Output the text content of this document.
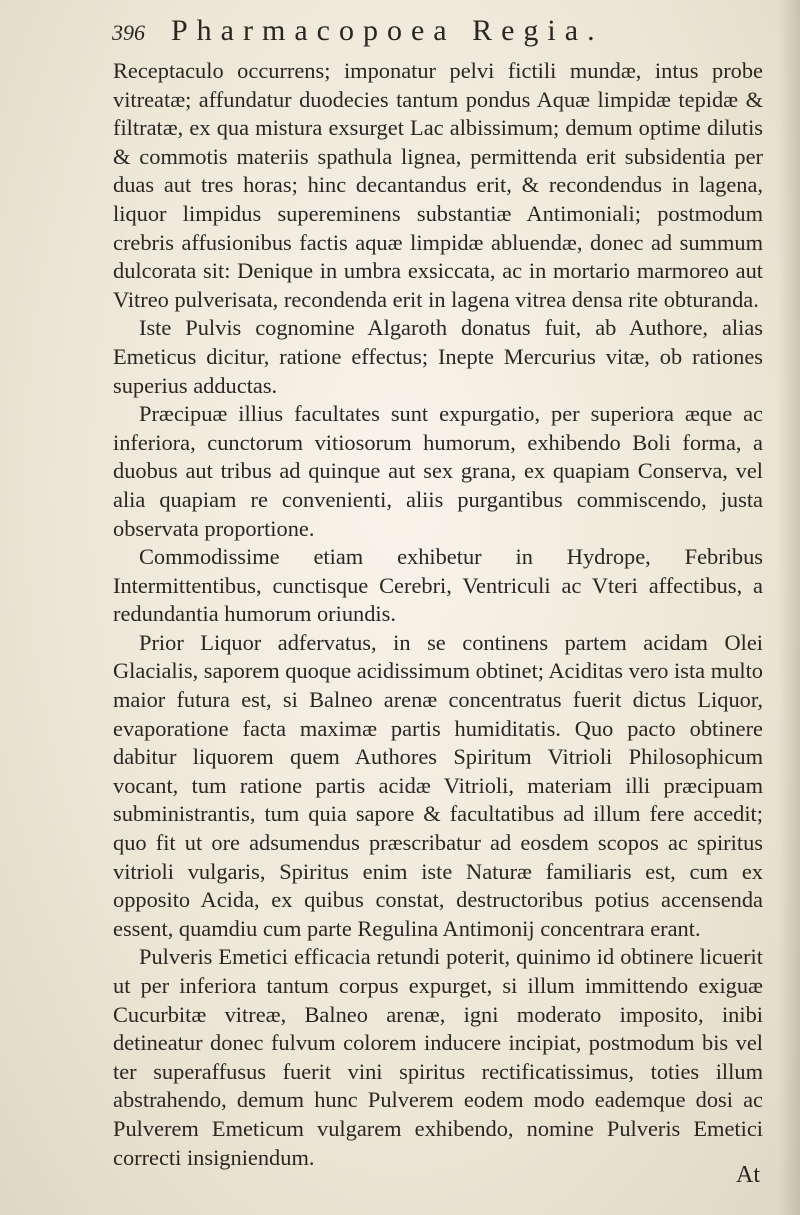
396 Pharmacopoea Regia.

Receptaculo occurrens; imponatur pelvi fictili mundæ, intus probe vitreatæ; affundatur duodecies tantum pondus Aquæ limpidæ tepidæ & filtratæ, ex qua mistura exsurget Lac albissimum; demum optime dilutis & commotis materiis spathula lignea, permittenda erit subsidentia per duas aut tres horas; hinc decantandus erit, & recondendus in lagena, liquor limpidus supereminens substantiæ Antimoniali; postmodum crebris affusionibus factis aquæ limpidæ abluendæ, donec ad summum dulcorata sit: Denique in umbra exsiccata, ac in mortario marmoreo aut Vitreo pulverisata, recondenda erit in lagena vitrea densa rite obturanda.

Iste Pulvis cognomine Algaroth donatus fuit, ab Authore, alias Emeticus dicitur, ratione effectus; Inepte Mercurius vitæ, ob rationes superius adductas.

Præcipuæ illius facultates sunt expurgatio, per superiora æque ac inferiora, cunctorum vitiosorum humorum, exhibendo Boli forma, a duobus aut tribus ad quinque aut sex grana, ex quapiam Conserva, vel alia quapiam re convenienti, aliis purgantibus commiscendo, justa observata proportione.

Commodissime etiam exhibetur in Hydrope, Febribus Intermittentibus, cunctisque Cerebri, Ventriculi ac Vteri affectibus, a redundantia humorum oriundis.

Prior Liquor adfervatus, in se continens partem acidam Olei Glacialis, saporem quoque acidissimum obtinet; Aciditas vero ista multo maior futura est, si Balneo arenæ concentratus fuerit dictus Liquor, evaporatione facta maximæ partis humiditatis. Quo pacto obtinere dabitur liquorem quem Authores Spiritum Vitrioli Philosophicum vocant, tum ratione partis acidæ Vitrioli, materiam illi præcipuam subministrantis, tum quia sapore & facultatibus ad illum fere accedit; quo fit ut ore adsumendus præscribatur ad eosdem scopos ac spiritus vitrioli vulgaris, Spiritus enim iste Naturæ familiaris est, cum ex opposito Acida, ex quibus constat, destructoribus potius accensenda essent, quamdiu cum parte Regulina Antimonij concentrara erant.

Pulveris Emetici efficacia retundi poterit, quinimo id obtinere licuerit ut per inferiora tantum corpus expurget, si illum immittendo exiguæ Cucurbitæ vitreæ, Balneo arenæ, igni moderato imposito, inibi detineatur donec fulvum colorem inducere incipiat, postmodum bis vel ter superaffusus fuerit vini spiritus rectificatissimus, toties illum abstrahendo, demum hunc Pulverem eodem modo eademque dosi ac Pulverem Emeticum vulgarem exhibendo, nomine Pulveris Emetici correcti insigniendum.

At
